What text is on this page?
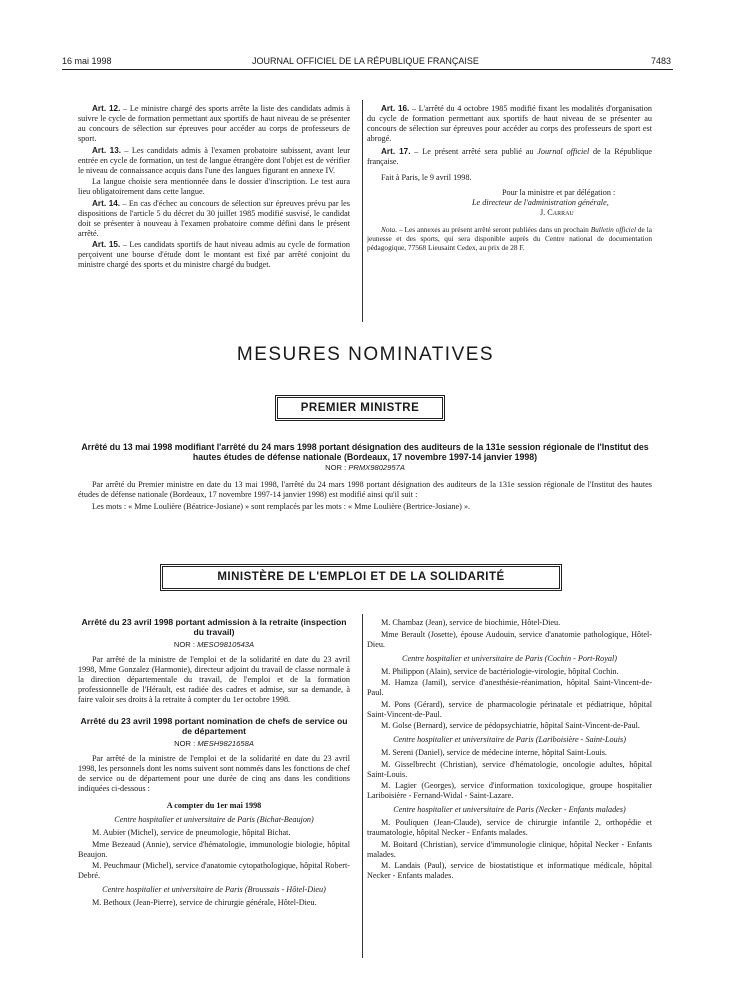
16 mai 1998	JOURNAL OFFICIEL DE LA RÉPUBLIQUE FRANÇAISE	7483

Art. 12. – Le ministre chargé des sports arrête la liste des candidats admis à suivre le cycle de formation permettant aux sportifs de haut niveau de se présenter au concours de sélection sur épreuves pour accéder au corps de professeurs de sport.

Art. 13. – Les candidats admis à l'examen probatoire subissent, avant leur entrée en cycle de formation, un test de langue étrangère dont l'objet est de vérifier le niveau de connaissance acquis dans l'une des langues figurant en annexe IV.

La langue choisie sera mentionnée dans le dossier d'inscription. Le test aura lieu obligatoirement dans cette langue.

Art. 14. – En cas d'échec au concours de sélection sur épreuves prévu par les dispositions de l'article 5 du décret du 30 juillet 1985 modifié susvisé, le candidat doit se présenter à nouveau à l'examen probatoire comme défini dans le présent arrêté.

Art. 15. – Les candidats sportifs de haut niveau admis au cycle de formation perçoivent une bourse d'étude dont le montant est fixé par arrêté conjoint du ministre chargé des sports et du ministre chargé du budget.

Art. 16. – L'arrêté du 4 octobre 1985 modifié fixant les modalités d'organisation du cycle de formation permettant aux sportifs de haut niveau de se présenter au concours de sélection sur épreuves pour accéder au corps des professeurs de sport est abrogé.

Art. 17. – Le présent arrêté sera publié au Journal officiel de la République française.

Fait à Paris, le 9 avril 1998.

Pour la ministre et par délégation :
Le directeur de l'administration générale,
J. Carrau

Nota. – Les annexes au présent arrêté seront publiées dans un prochain Bulletin officiel de la jeunesse et des sports, qui sera disponible auprès du Centre national de documentation pédagogique, 77568 Lieusaint Cedex, au prix de 28 F.

MESURES NOMINATIVES
PREMIER MINISTRE
Arrêté du 13 mai 1998 modifiant l'arrêté du 24 mars 1998 portant désignation des auditeurs de la 131e session régionale de l'Institut des hautes études de défense nationale (Bordeaux, 17 novembre 1997-14 janvier 1998)
NOR : PRMX9802957A

Par arrêté du Premier ministre en date du 13 mai 1998, l'arrêté du 24 mars 1998 portant désignation des auditeurs de la 131e session régionale de l'Institut des hautes études de défense nationale (Bordeaux, 17 novembre 1997-14 janvier 1998) est modifié ainsi qu'il suit :

Les mots : « Mme Loulière (Béatrice-Josiane) » sont remplacés par les mots : « Mme Loulière (Bertrice-Josiane) ».

MINISTÈRE DE L'EMPLOI ET DE LA SOLIDARITÉ
Arrêté du 23 avril 1998 portant admission à la retraite (inspection du travail)
NOR : MESO9810543A

Par arrêté de la ministre de l'emploi et de la solidarité en date du 23 avril 1998, Mme Gonzalez (Harmonie), directeur adjoint du travail de classe normale à la direction départementale du travail, de l'emploi et de la formation professionnelle de l'Hérault, est radiée des cadres et admise, sur sa demande, à faire valoir ses droits à la retraite à compter du 1er octobre 1998.

Arrêté du 23 avril 1998 portant nomination de chefs de service ou de département
NOR : MESH9821658A

Par arrêté de la ministre de l'emploi et de la solidarité en date du 23 avril 1998, les personnels dont les noms suivent sont nommés dans les fonctions de chef de service ou de département pour une durée de cinq ans dans les conditions indiquées ci-dessous :

A compter du 1er mai 1998

Centre hospitalier et universitaire de Paris (Bichat-Beaujon)

M. Aubier (Michel), service de pneumologie, hôpital Bichat.

Mme Bezeaud (Annie), service d'hématologie, immunologie biologie, hôpital Beaujon.

M. Peuchmaur (Michel), service d'anatomie cytopathologique, hôpital Robert-Debré.

Centre hospitalier et universitaire de Paris (Broussais - Hôtel-Dieu)

M. Bethoux (Jean-Pierre), service de chirurgie générale, Hôtel-Dieu.

M. Chambaz (Jean), service de biochimie, Hôtel-Dieu.

Mme Berault (Josette), épouse Audouin, service d'anatomie pathologique, Hôtel-Dieu.

Centre hospitalier et universitaire de Paris (Cochin - Port-Royal)

M. Philippon (Alain), service de bactériologie-virologie, hôpital Cochin.

M. Hamza (Jamil), service d'anesthésie-réanimation, hôpital Saint-Vincent-de-Paul.

M. Pons (Gérard), service de pharmacologie périnatale et pédiatrique, hôpital Saint-Vincent-de-Paul.

M. Golse (Bernard), service de pédopsychiatrie, hôpital Saint-Vincent-de-Paul.

Centre hospitalier et universitaire de Paris (Lariboisière - Saint-Louis)

M. Sereni (Daniel), service de médecine interne, hôpital Saint-Louis.

M. Gisselbrecht (Christian), service d'hématologie, oncologie adultes, hôpital Saint-Louis.

M. Lagier (Georges), service d'information toxicologique, groupe hospitalier Lariboisière - Fernand-Widal - Saint-Lazare.

Centre hospitalier et universitaire de Paris (Necker - Enfants malades)

M. Pouliquen (Jean-Claude), service de chirurgie infantile 2, orthopédie et traumatologie, hôpital Necker - Enfants malades.

M. Boitard (Christian), service d'immunologie clinique, hôpital Necker - Enfants malades.

M. Landais (Paul), service de biostatistique et informatique médicale, hôpital Necker - Enfants malades.
